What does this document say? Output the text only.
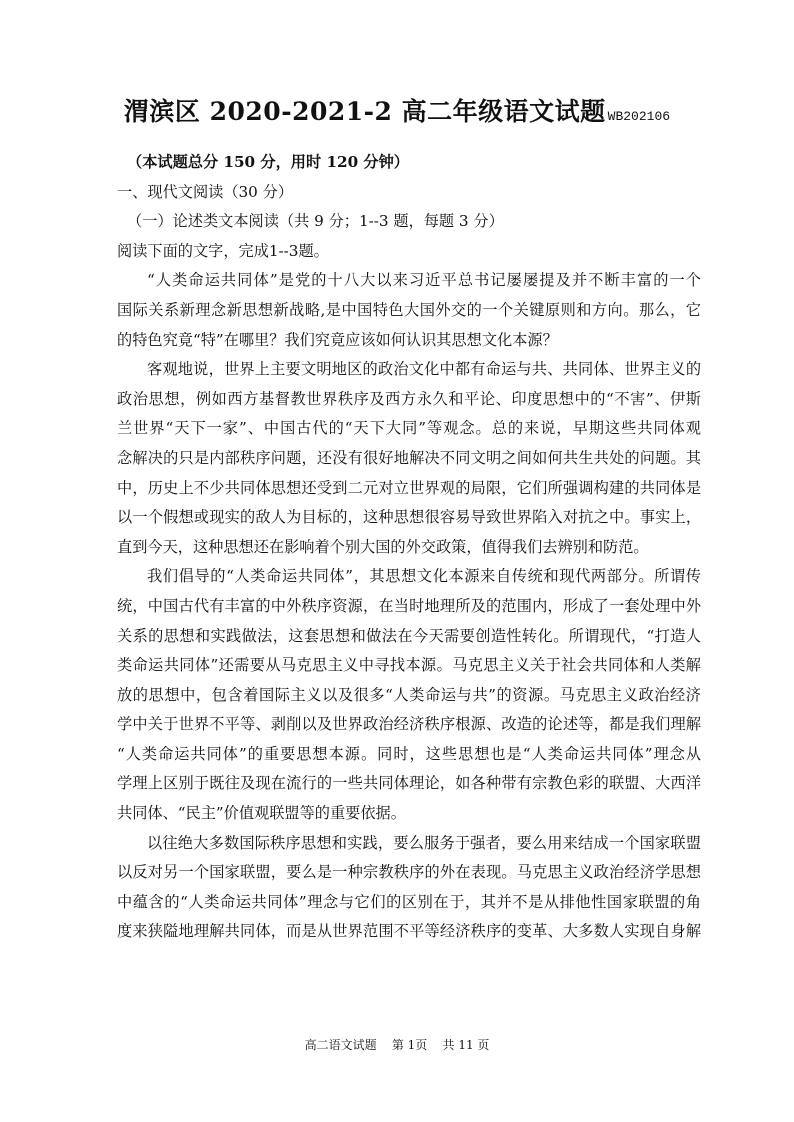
渭滨区 2020-2021-2 高二年级语文试题 WB202106
（本试题总分 150 分，用时 120 分钟）
一、现代文阅读（30 分）
（一）论述类文本阅读（共 9 分；1--3 题，每题 3 分）
阅读下面的文字，完成1--3题。
“人类命运共同体”是党的十八大以来习近平总书记屡屡提及并不断丰富的一个
国际关系新理念新思想新战略,是中国特色大国外交的一个关键原则和方向。那么，它
的特色究竟“特”在哪里？我们究竟应该如何认识其思想文化本源？
客观地说，世界上主要文明地区的政治文化中都有命运与共、共同体、世界主义的
政治思想，例如西方基督教世界秩序及西方永久和平论、印度思想中的“不害”、伊斯
兰世界“天下一家”、中国古代的“天下大同”等观念。总的来说，早期这些共同体观
念解决的只是内部秩序问题，还没有很好地解决不同文明之间如何共生共处的问题。其
中，历史上不少共同体思想还受到二元对立世界观的局限，它们所强调构建的共同体是
以一个假想或现实的敌人为目标的，这种思想很容易导致世界陷入对抗之中。事实上，
直到今天，这种思想还在影响着个别大国的外交政策，值得我们去辨别和防范。
我们倡导的“人类命运共同体”，其思想文化本源来自传统和现代两部分。所谓传
统，中国古代有丰富的中外秩序资源，在当时地理所及的范围内，形成了一套处理中外
关系的思想和实践做法，这套思想和做法在今天需要创造性转化。所谓现代，“打造人
类命运共同体”还需要从马克思主义中寻找本源。马克思主义关于社会共同体和人类解
放的思想中，包含着国际主义以及很多“人类命运与共”的资源。马克思主义政治经济
学中关于世界不平等、剥削以及世界政治经济秩序根源、改造的论述等，都是我们理解
“人类命运共同体”的重要思想本源。同时，这些思想也是“人类命运共同体”理念从
学理上区别于既往及现在流行的一些共同体理论，如各种带有宗教色彩的联盟、大西洋
共同体、“民主”价值观联盟等的重要依据。
以往绝大多数国际秩序思想和实践，要么服务于强者，要么用来结成一个国家联盟
以反对另一个国家联盟，要么是一种宗教秩序的外在表现。马克思主义政治经济学思想
中蕴含的“人类命运共同体”理念与它们的区别在于，其并不是从排他性国家联盟的角
度来狭隘地理解共同体，而是从世界范围不平等经济秩序的变革、大多数人实现自身解
高二语文试题    第 1页    共 11 页
